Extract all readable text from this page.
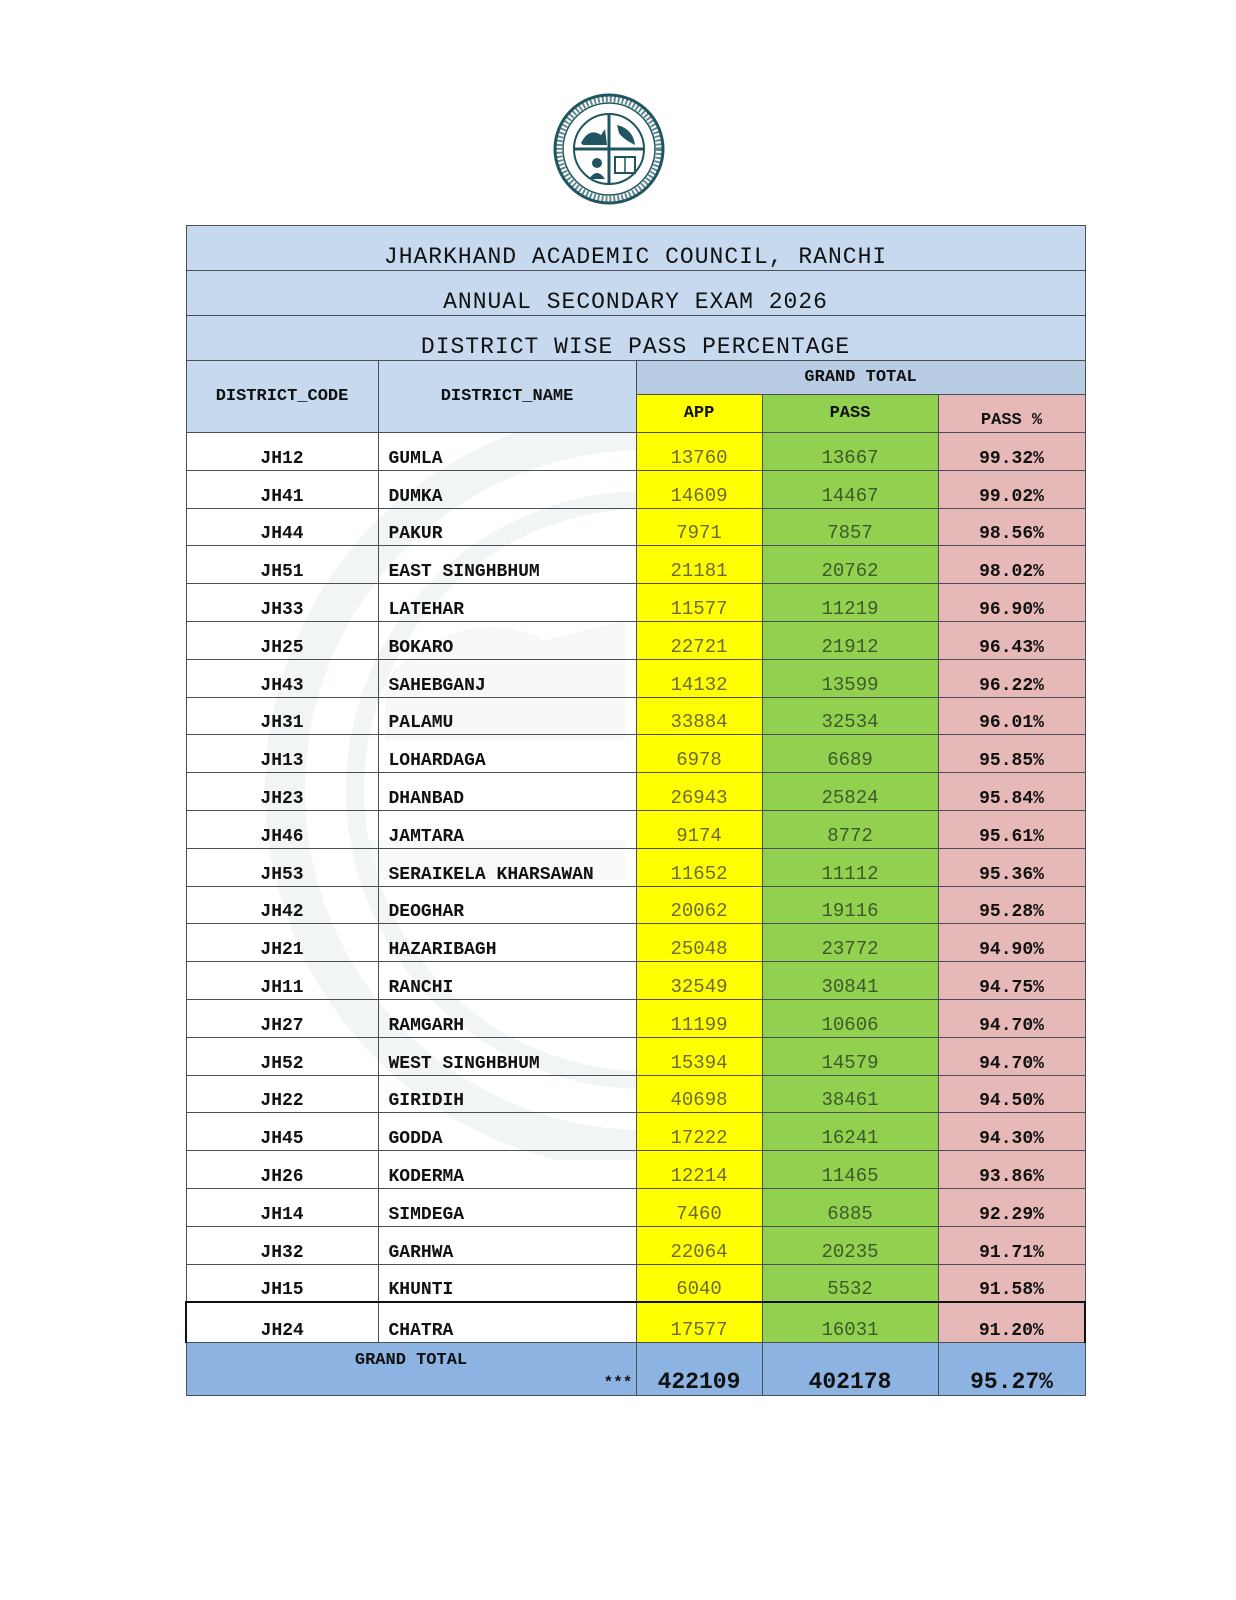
JHARKHAND ACADEMIC COUNCIL, RANCHI				
ANNUAL SECONDARY EXAM 2026				
DISTRICT WISE PASS PERCENTAGE				
DISTRICT_CODE	DISTRICT_NAME	GRAND TOTAL		
		APP	PASS	PASS %
JH12	GUMLA	13760	13667	99.32%
JH41	DUMKA	14609	14467	99.02%
JH44	PAKUR	7971	7857	98.56%
JH51	EAST SINGHBHUM	21181	20762	98.02%
JH33	LATEHAR	11577	11219	96.90%
JH25	BOKARO	22721	21912	96.43%
JH43	SAHEBGANJ	14132	13599	96.22%
JH31	PALAMU	33884	32534	96.01%
JH13	LOHARDAGA	6978	6689	95.85%
JH23	DHANBAD	26943	25824	95.84%
JH46	JAMTARA	9174	8772	95.61%
JH53	SERAIKELA KHARSAWAN	11652	11112	95.36%
JH42	DEOGHAR	20062	19116	95.28%
JH21	HAZARIBAGH	25048	23772	94.90%
JH11	RANCHI	32549	30841	94.75%
JH27	RAMGARH	11199	10606	94.70%
JH52	WEST SINGHBHUM	15394	14579	94.70%
JH22	GIRIDIH	40698	38461	94.50%
JH45	GODDA	17222	16241	94.30%
JH26	KODERMA	12214	11465	93.86%
JH14	SIMDEGA	7460	6885	92.29%
JH32	GARHWA	22064	20235	91.71%
JH15	KHUNTI	6040	5532	91.58%
JH24	CHATRA	17577	16031	91.20%
GRAND TOTAL		422109	402178	95.27%
***
